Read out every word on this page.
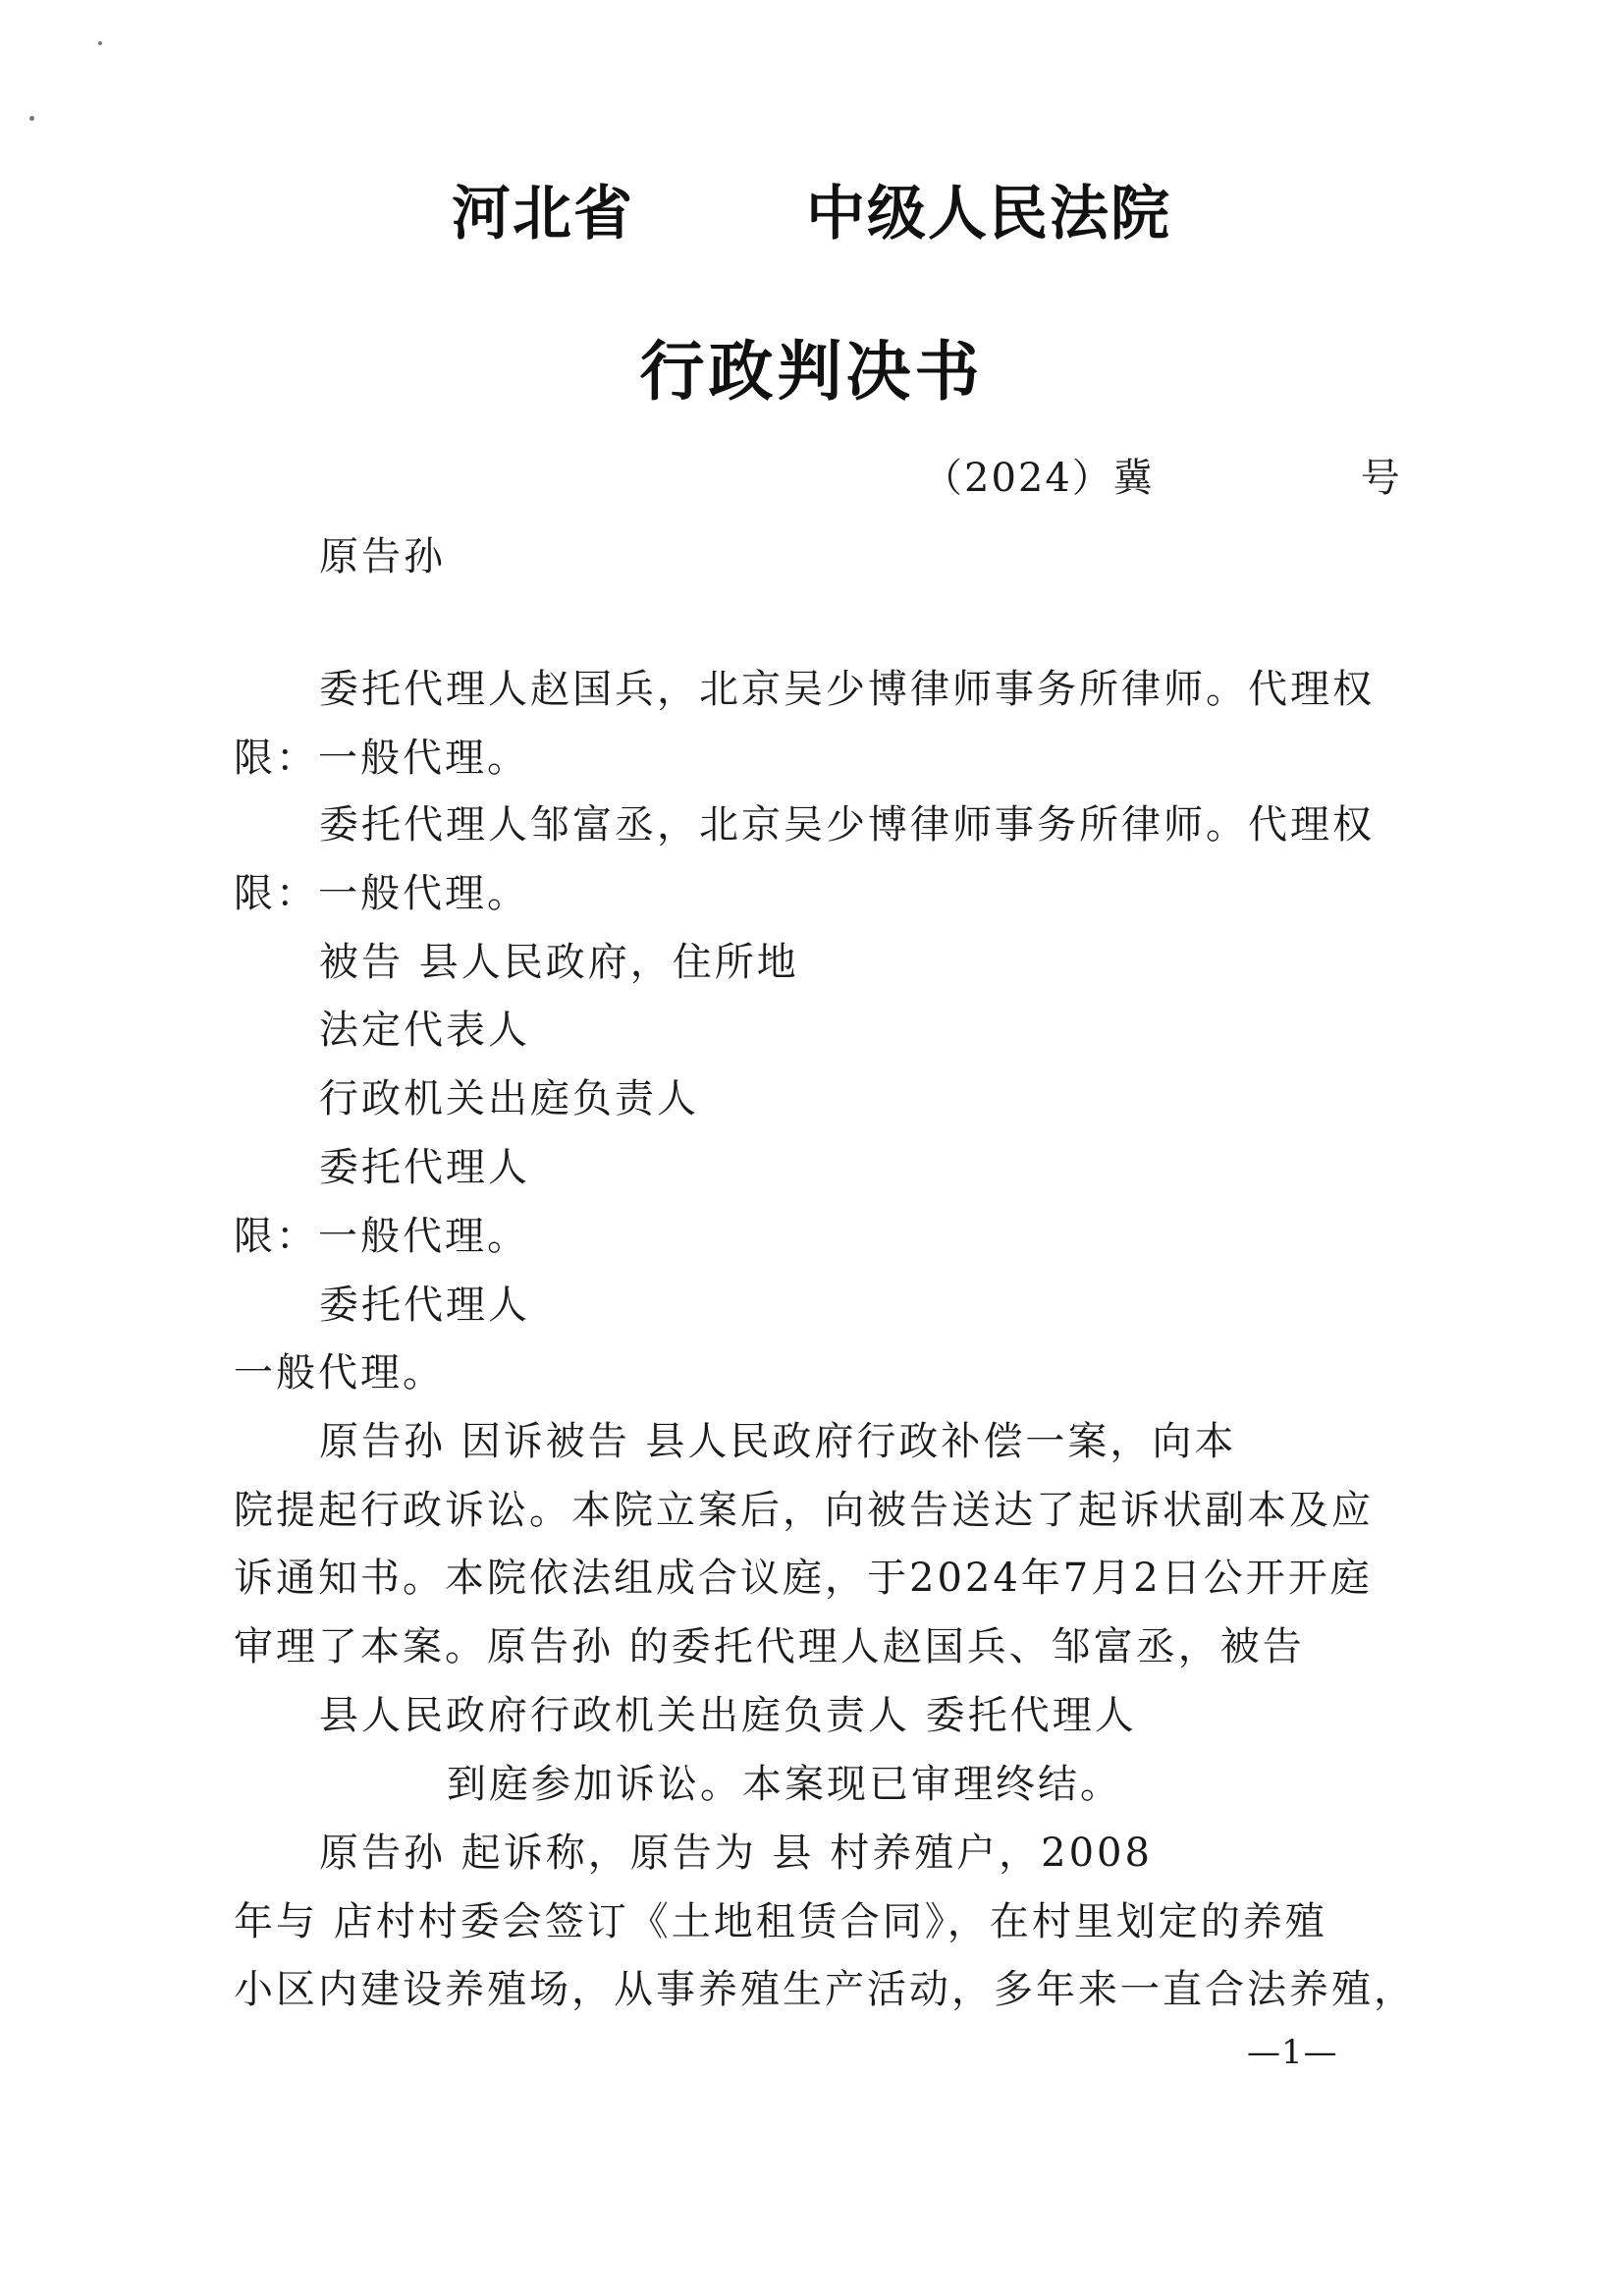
河北省	中级人民法院
行政判决书
（2024）冀	号
原告孙
委托代理人赵国兵，北京吴少博律师事务所律师。代理权
限：一般代理。
委托代理人邹富丞，北京吴少博律师事务所律师。代理权
限：一般代理。
被告 县人民政府，住所地
法定代表人
行政机关出庭负责人
委托代理人
限：一般代理。
委托代理人
一般代理。
原告孙 因诉被告 县人民政府行政补偿一案，向本
院提起行政诉讼。本院立案后，向被告送达了起诉状副本及应
诉通知书。本院依法组成合议庭，于2024年7月2日公开开庭
审理了本案。原告孙 的委托代理人赵国兵、邹富丞，被告
县人民政府行政机关出庭负责人 委托代理人
到庭参加诉讼。本案现已审理终结。
原告孙 起诉称，原告为 县 村养殖户，2008
年与 店村村委会签订《土地租赁合同》，在村里划定的养殖
小区内建设养殖场，从事养殖生产活动，多年来一直合法养殖，
—1—
